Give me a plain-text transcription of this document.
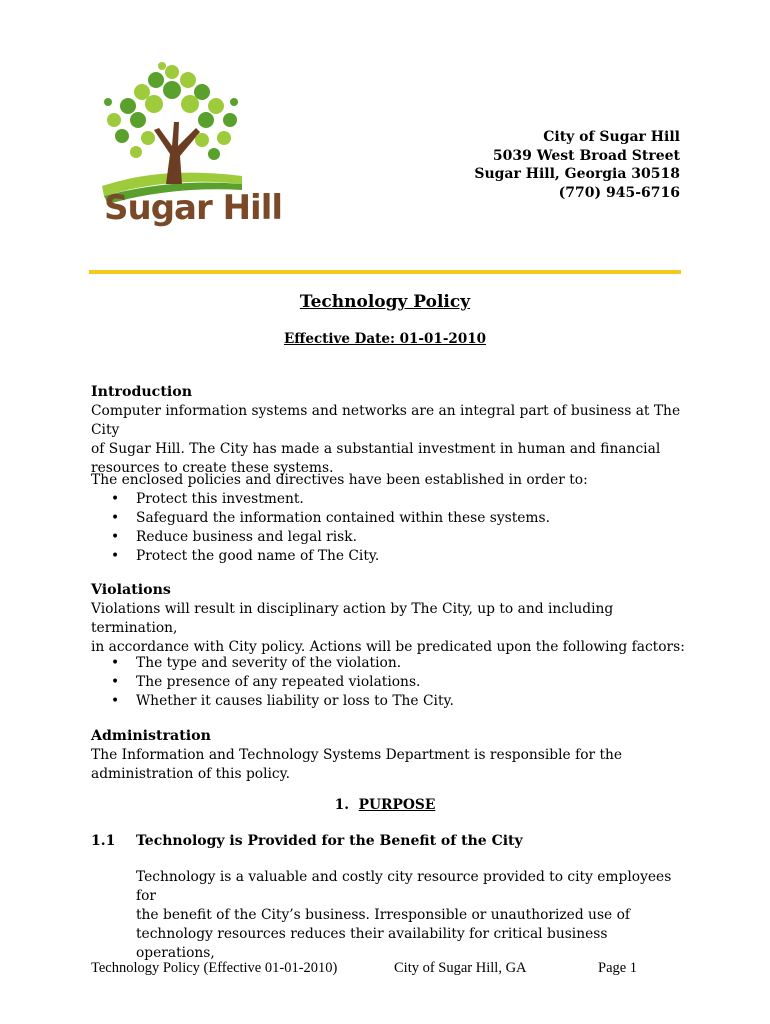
Sugar Hill
City of Sugar Hill
5039 West Broad Street
Sugar Hill, Georgia 30518
(770) 945-6716
Technology Policy
Effective Date: 01-01-2010
Introduction
Computer information systems and networks are an integral part of business at The City
of Sugar Hill. The City has made a substantial investment in human and financial
resources to create these systems.
The enclosed policies and directives have been established in order to:
• Protect this investment.
• Safeguard the information contained within these systems.
• Reduce business and legal risk.
• Protect the good name of The City.
Violations
Violations will result in disciplinary action by The City, up to and including termination,
in accordance with City policy. Actions will be predicated upon the following factors:
• The type and severity of the violation.
• The presence of any repeated violations.
• Whether it causes liability or loss to The City.
Administration
The Information and Technology Systems Department is responsible for the
administration of this policy.
1. PURPOSE
1.1 Technology is Provided for the Benefit of the City
Technology is a valuable and costly city resource provided to city employees for
the benefit of the City’s business. Irresponsible or unauthorized use of
technology resources reduces their availability for critical business operations,
Technology Policy (Effective 01-01-2010)	City of Sugar Hill, GA	Page 1
